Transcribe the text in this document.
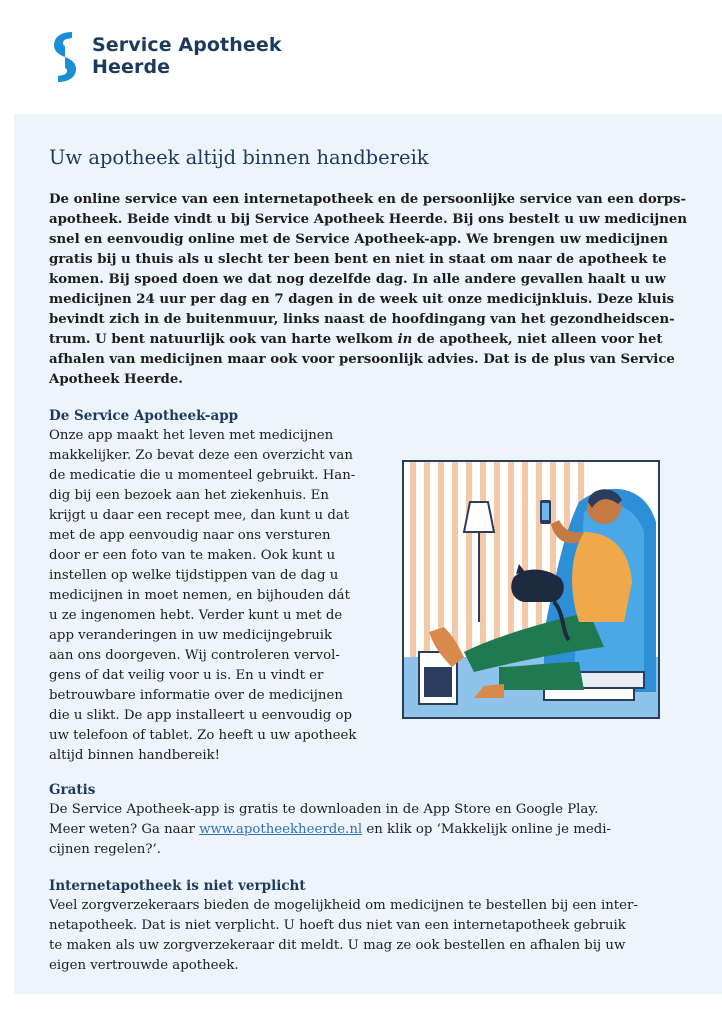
Service Apotheek
Heerde
Uw apotheek altijd binnen handbereik
De online service van een internetapotheek en de persoonlijke service van een dorps-
apotheek. Beide vindt u bij Service Apotheek Heerde. Bij ons bestelt u uw medicijnen
snel en eenvoudig online met de Service Apotheek-app. We brengen uw medicijnen
gratis bij u thuis als u slecht ter been bent en niet in staat om naar de apotheek te
komen. Bij spoed doen we dat nog dezelfde dag. In alle andere gevallen haalt u uw
medicijnen 24 uur per dag en 7 dagen in de week uit onze medicijnkluis. Deze kluis
bevindt zich in de buitenmuur, links naast de hoofdingang van het gezondheidscen-
trum. U bent natuurlijk ook van harte welkom in de apotheek, niet alleen voor het
afhalen van medicijnen maar ook voor persoonlijk advies. Dat is de plus van Service
Apotheek Heerde.
De Service Apotheek-app
Onze app maakt het leven met medicijnen
makkelijker. Zo bevat deze een overzicht van
de medicatie die u momenteel gebruikt. Han-
dig bij een bezoek aan het ziekenhuis. En
krijgt u daar een recept mee, dan kunt u dat
met de app eenvoudig naar ons versturen
door er een foto van te maken. Ook kunt u
instellen op welke tijdstippen van de dag u
medicijnen in moet nemen, en bijhouden dát
u ze ingenomen hebt. Verder kunt u met de
app veranderingen in uw medicijngebruik
aan ons doorgeven. Wij controleren vervol-
gens of dat veilig voor u is. En u vindt er
betrouwbare informatie over de medicijnen
die u slikt. De app installeert u eenvoudig op
uw telefoon of tablet. Zo heeft u uw apotheek
altijd binnen handbereik!
Gratis
De Service Apotheek-app is gratis te downloaden in de App Store en Google Play.
Meer weten? Ga naar www.apotheekheerde.nl en klik op ‘Makkelijk online je medi-
cijnen regelen?’.
Internetapotheek is niet verplicht
Veel zorgverzekeraars bieden de mogelijkheid om medicijnen te bestellen bij een inter-
netapotheek. Dat is niet verplicht. U hoeft dus niet van een internetapotheek gebruik
te maken als uw zorgverzekeraar dit meldt. U mag ze ook bestellen en afhalen bij uw
eigen vertrouwde apotheek.
